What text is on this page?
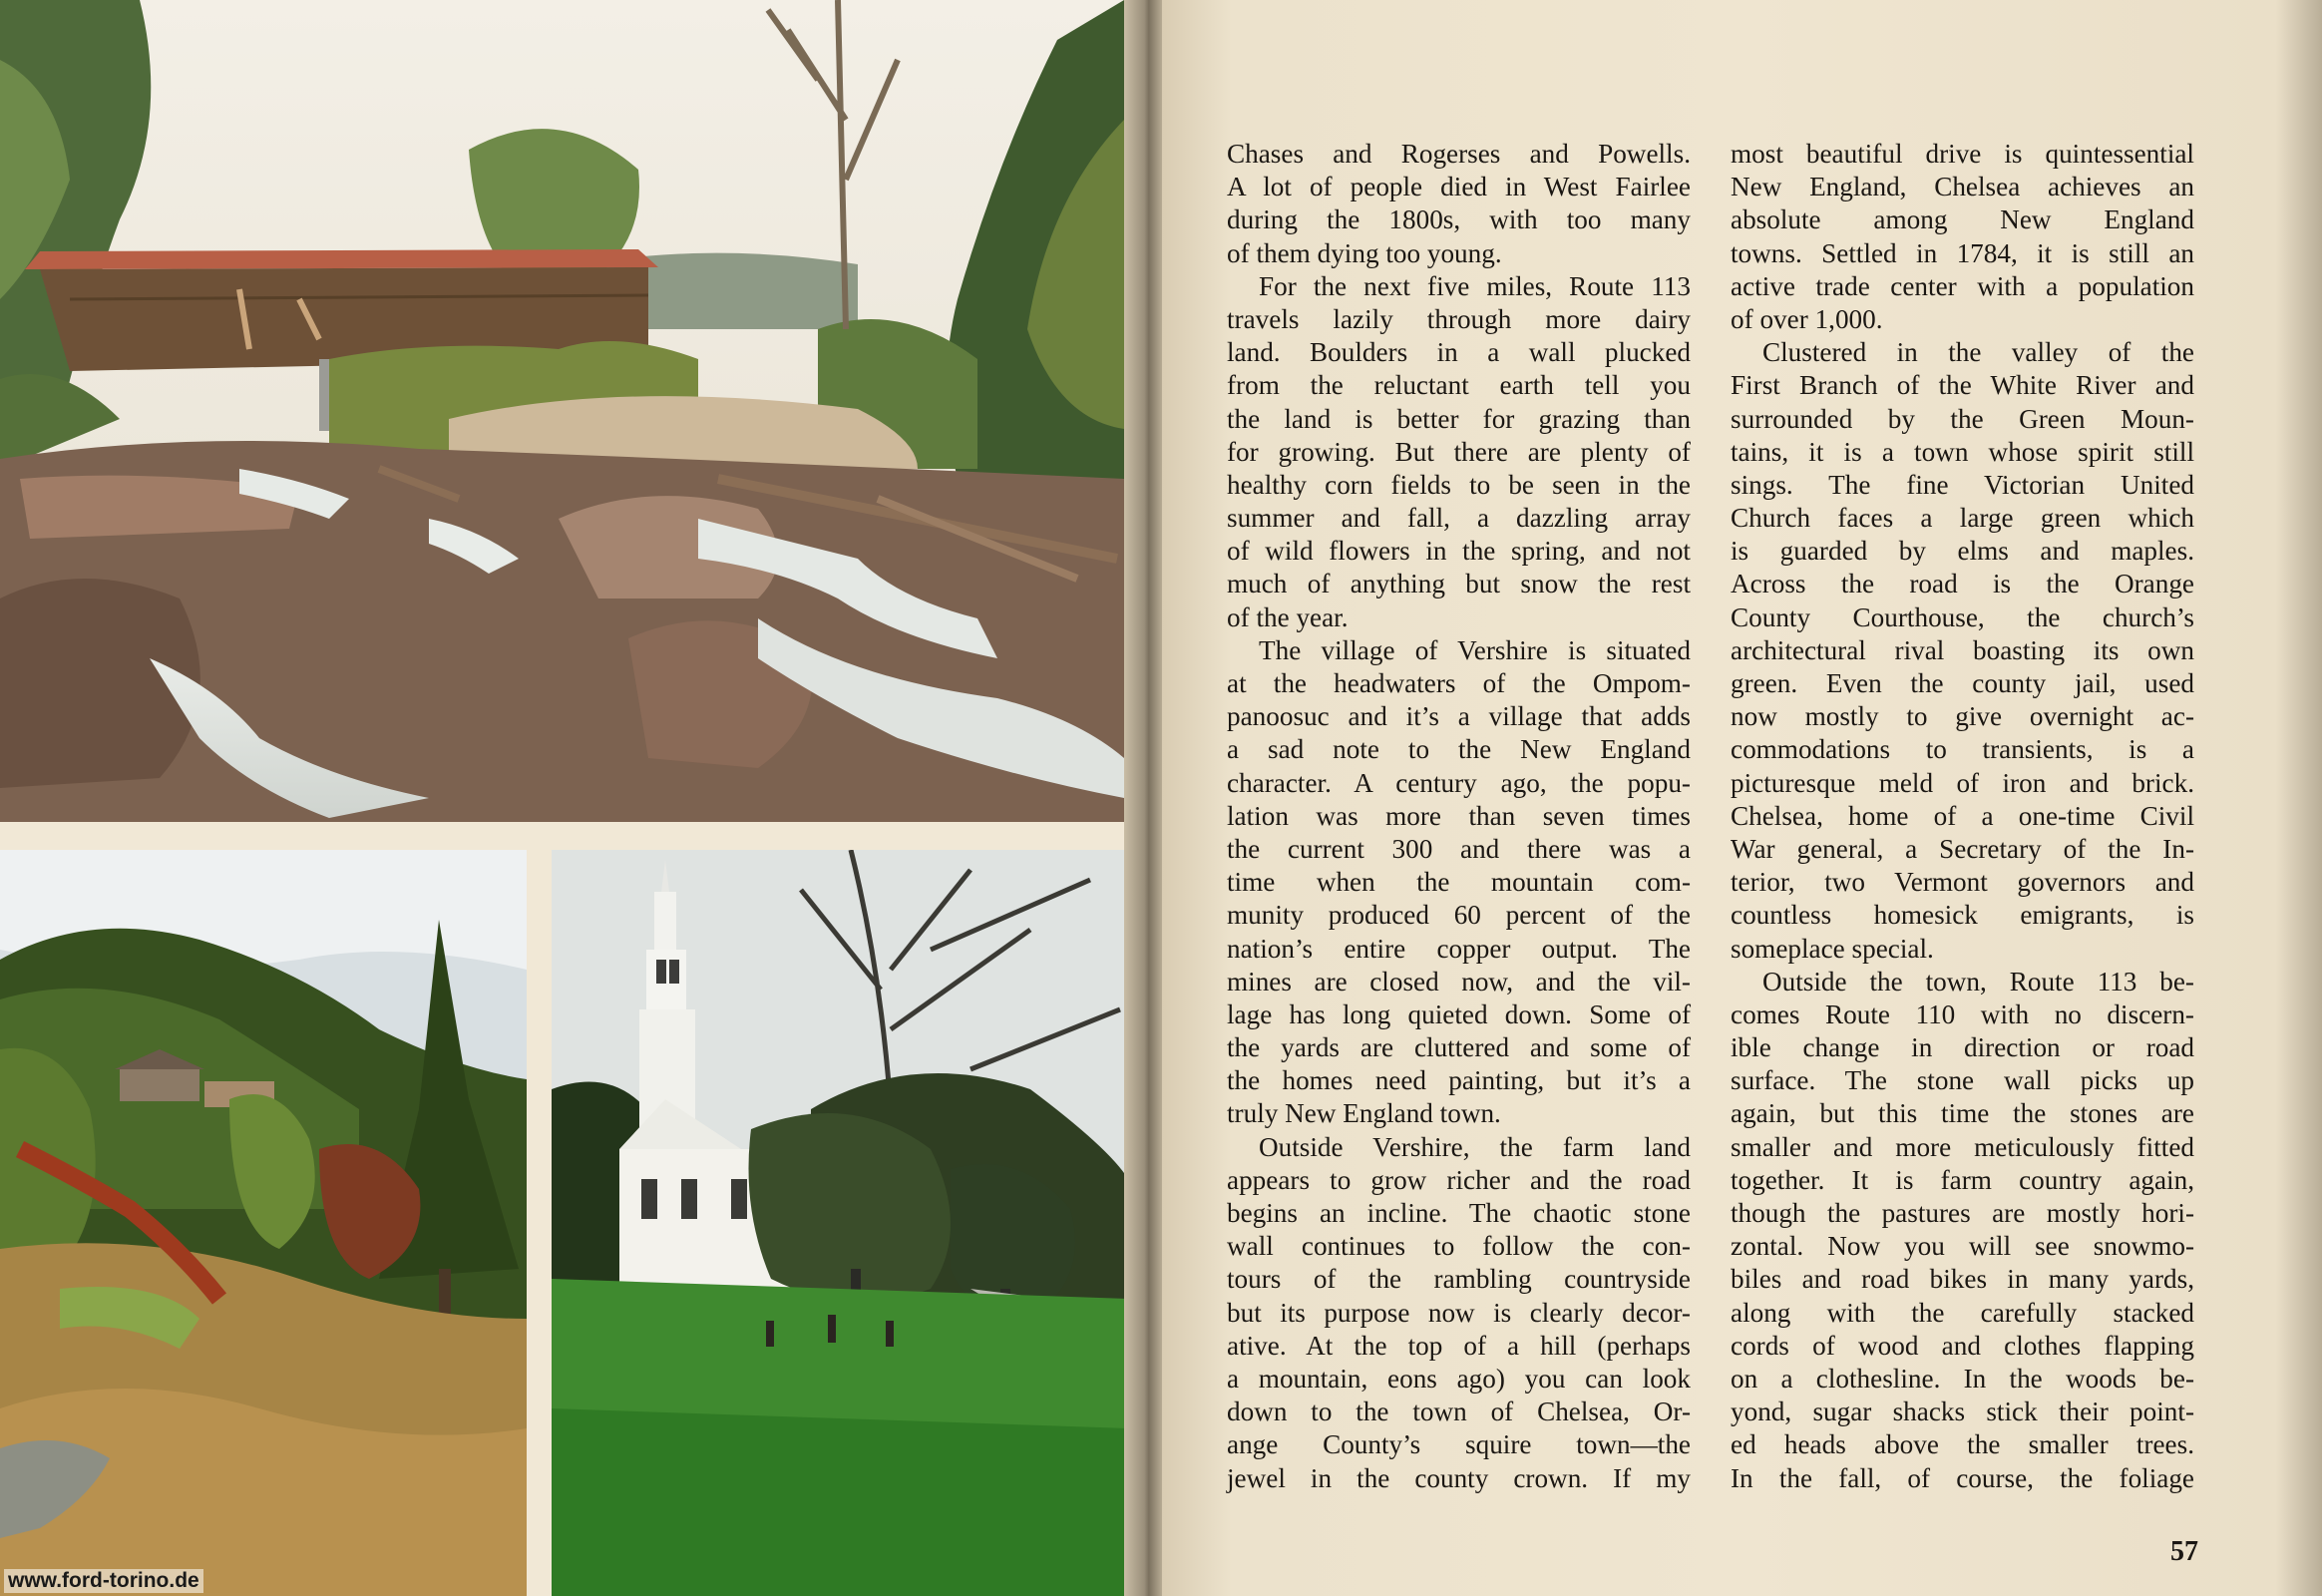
www.ford-torino.de
Chases and Rogerses and Powells.
A lot of people died in West Fairlee
during the 1800s, with too many
of them dying too young.
For the next five miles, Route 113
travels lazily through more dairy
land. Boulders in a wall plucked
from the reluctant earth tell you
the land is better for grazing than
for growing. But there are plenty of
healthy corn fields to be seen in the
summer and fall, a dazzling array
of wild flowers in the spring, and not
much of anything but snow the rest
of the year.
The village of Vershire is situated
at the headwaters of the Ompom-
panoosuc and it’s a village that adds
a sad note to the New England
character. A century ago, the popu-
lation was more than seven times
the current 300 and there was a
time when the mountain com-
munity produced 60 percent of the
nation’s entire copper output. The
mines are closed now, and the vil-
lage has long quieted down. Some of
the yards are cluttered and some of
the homes need painting, but it’s a
truly New England town.
Outside Vershire, the farm land
appears to grow richer and the road
begins an incline. The chaotic stone
wall continues to follow the con-
tours of the rambling countryside
but its purpose now is clearly decor-
ative. At the top of a hill (perhaps
a mountain, eons ago) you can look
down to the town of Chelsea, Or-
ange County’s squire town—the
jewel in the county crown. If my
most beautiful drive is quintessential
New England, Chelsea achieves an
absolute among New England
towns. Settled in 1784, it is still an
active trade center with a population
of over 1,000.
Clustered in the valley of the
First Branch of the White River and
surrounded by the Green Moun-
tains, it is a town whose spirit still
sings. The fine Victorian United
Church faces a large green which
is guarded by elms and maples.
Across the road is the Orange
County Courthouse, the church’s
architectural rival boasting its own
green. Even the county jail, used
now mostly to give overnight ac-
commodations to transients, is a
picturesque meld of iron and brick.
Chelsea, home of a one-time Civil
War general, a Secretary of the In-
terior, two Vermont governors and
countless homesick emigrants, is
someplace special.
Outside the town, Route 113 be-
comes Route 110 with no discern-
ible change in direction or road
surface. The stone wall picks up
again, but this time the stones are
smaller and more meticulously fitted
together. It is farm country again,
though the pastures are mostly hori-
zontal. Now you will see snowmo-
biles and road bikes in many yards,
along with the carefully stacked
cords of wood and clothes flapping
on a clothesline. In the woods be-
yond, sugar shacks stick their point-
ed heads above the smaller trees.
In the fall, of course, the foliage
57
